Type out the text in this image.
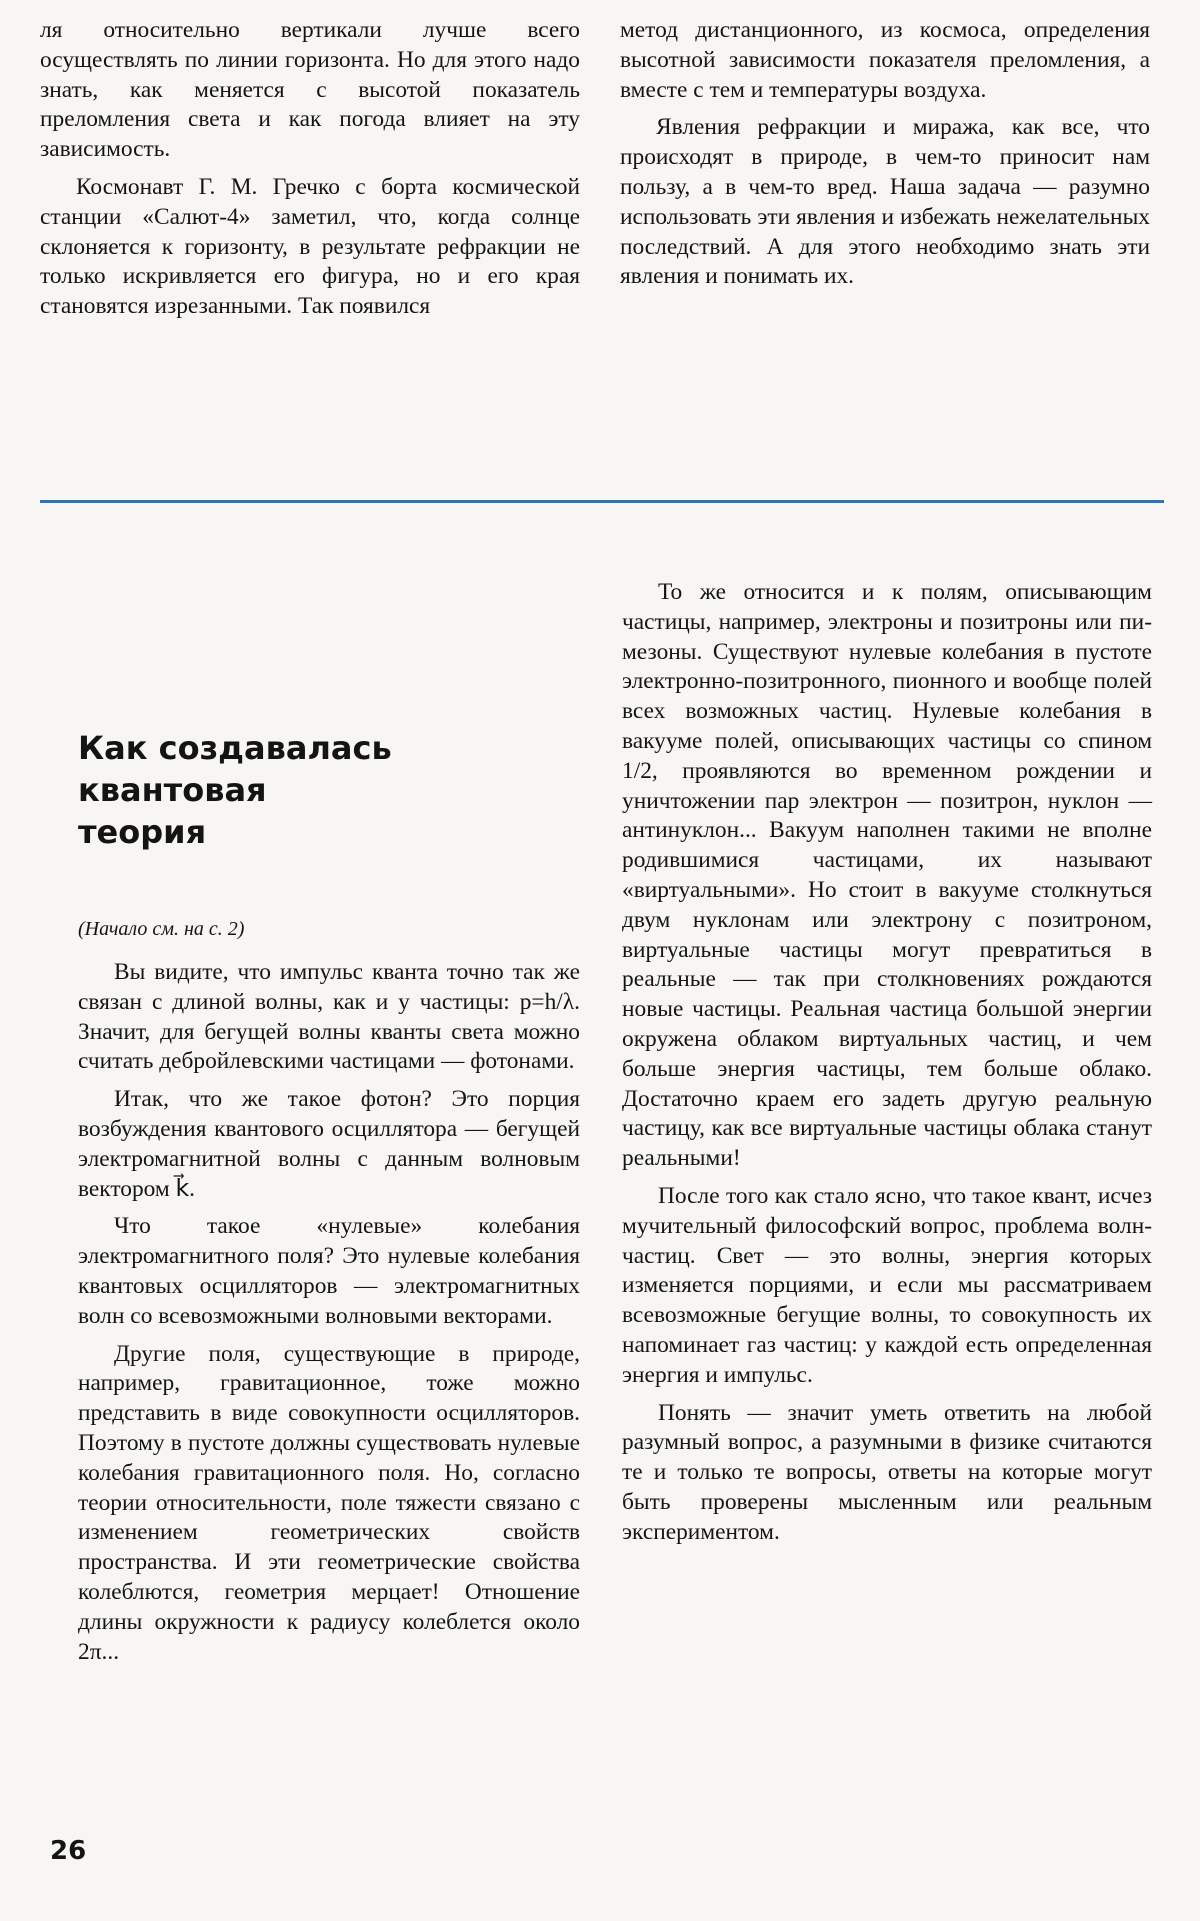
ля относительно вертикали лучше всего осуществлять по линии горизонта. Но для этого надо знать, как меняется с высотой показатель преломления света и как погода влияет на эту зависимость.

Космонавт Г. М. Гречко с борта космической станции «Салют-4» заметил, что, когда солнце склоняется к горизонту, в результате рефракции не только искривляется его фигура, но и его края становятся изрезанными. Так появился

метод дистанционного, из космоса, определения высотной зависимости показателя преломления, а вместе с тем и температуры воздуха.

Явления рефракции и миража, как все, что происходят в природе, в чем-то приносит нам пользу, а в чем-то вред. Наша задача — разумно использовать эти явления и избежать нежелательных последствий. А для этого необходимо знать эти явления и понимать их.

Как создавалась
квантовая
теория
(Начало см. на с. 2)

Вы видите, что импульс кванта точно так же связан с длиной волны, как и у частицы: p=h/λ. Значит, для бегущей волны кванты света можно считать дебройлевскими частицами — фотонами.

Итак, что же такое фотон? Это порция возбуждения квантового осциллятора — бегущей электромагнитной волны с данным волновым вектором k⃗.

Что такое «нулевые» колебания электромагнитного поля? Это нулевые колебания квантовых осцилляторов — электромагнитных волн со всевозможными волновыми векторами.

Другие поля, существующие в природе, например, гравитационное, тоже можно представить в виде совокупности осцилляторов. Поэтому в пустоте должны существовать нулевые колебания гравитационного поля. Но, согласно теории относительности, поле тяжести связано с изменением геометрических свойств пространства. И эти геометрические свойства колеблются, геометрия мерцает! Отношение длины окружности к радиусу колеблется около 2π...

То же относится и к полям, описывающим частицы, например, электроны и позитроны или пи-мезоны. Существуют нулевые колебания в пустоте электронно-позитронного, пионного и вообще полей всех возможных частиц. Нулевые колебания в вакууме полей, описывающих частицы со спином 1/2, проявляются во временном рождении и уничтожении пар электрон — позитрон, нуклон — антинуклон... Вакуум наполнен такими не вполне родившимися частицами, их называют «виртуальными». Но стоит в вакууме столкнуться двум нуклонам или электрону с позитроном, виртуальные частицы могут превратиться в реальные — так при столкновениях рождаются новые частицы. Реальная частица большой энергии окружена облаком виртуальных частиц, и чем больше энергия частицы, тем больше облако. Достаточно краем его задеть другую реальную частицу, как все виртуальные частицы облака станут реальными!

После того как стало ясно, что такое квант, исчез мучительный философский вопрос, проблема волн-частиц. Свет — это волны, энергия которых изменяется порциями, и если мы рассматриваем всевозможные бегущие волны, то совокупность их напоминает газ частиц: у каждой есть определенная энергия и импульс.

Понять — значит уметь ответить на любой разумный вопрос, а разумными в физике считаются те и только те вопросы, ответы на которые могут быть проверены мысленным или реальным экспериментом.

26
